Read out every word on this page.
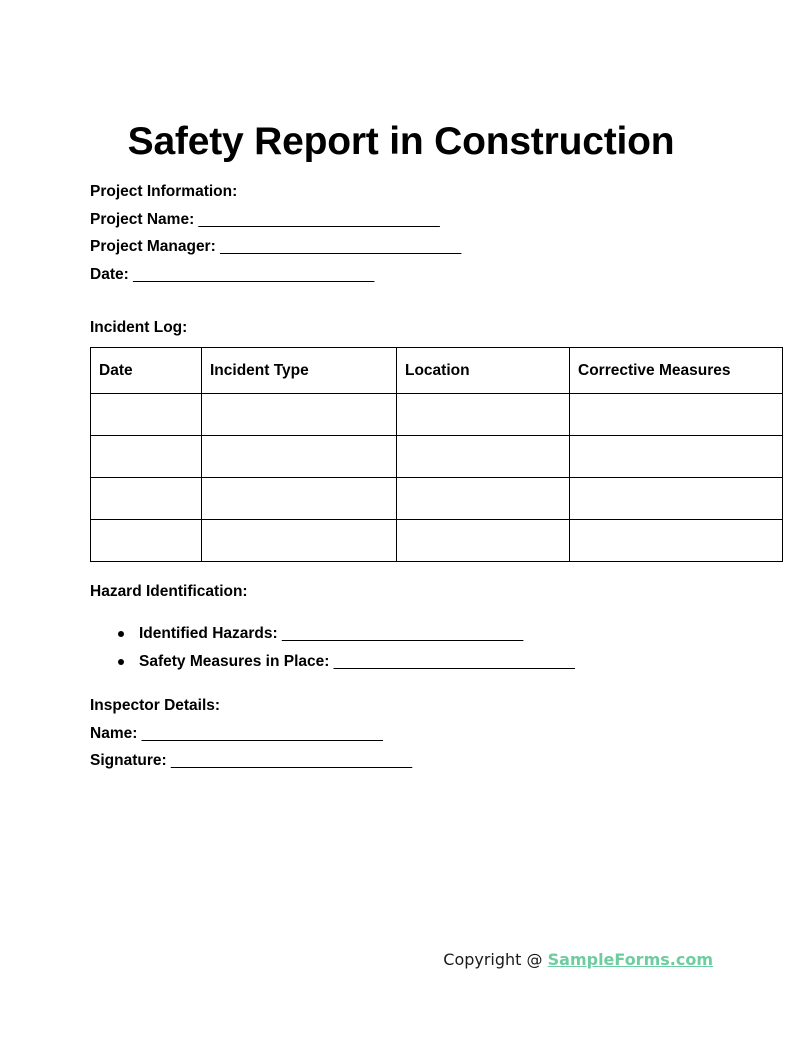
Safety Report in Construction
Project Information:
Project Name: ______________________________
Project Manager: ______________________________
Date: ______________________________
Incident Log:
Date	Incident Type	Location	Corrective Measures

Hazard Identification:
Identified Hazards: ______________________________
Safety Measures in Place: ______________________________
Inspector Details:
Name: ______________________________
Signature: ______________________________
Copyright @ SampleForms.com
